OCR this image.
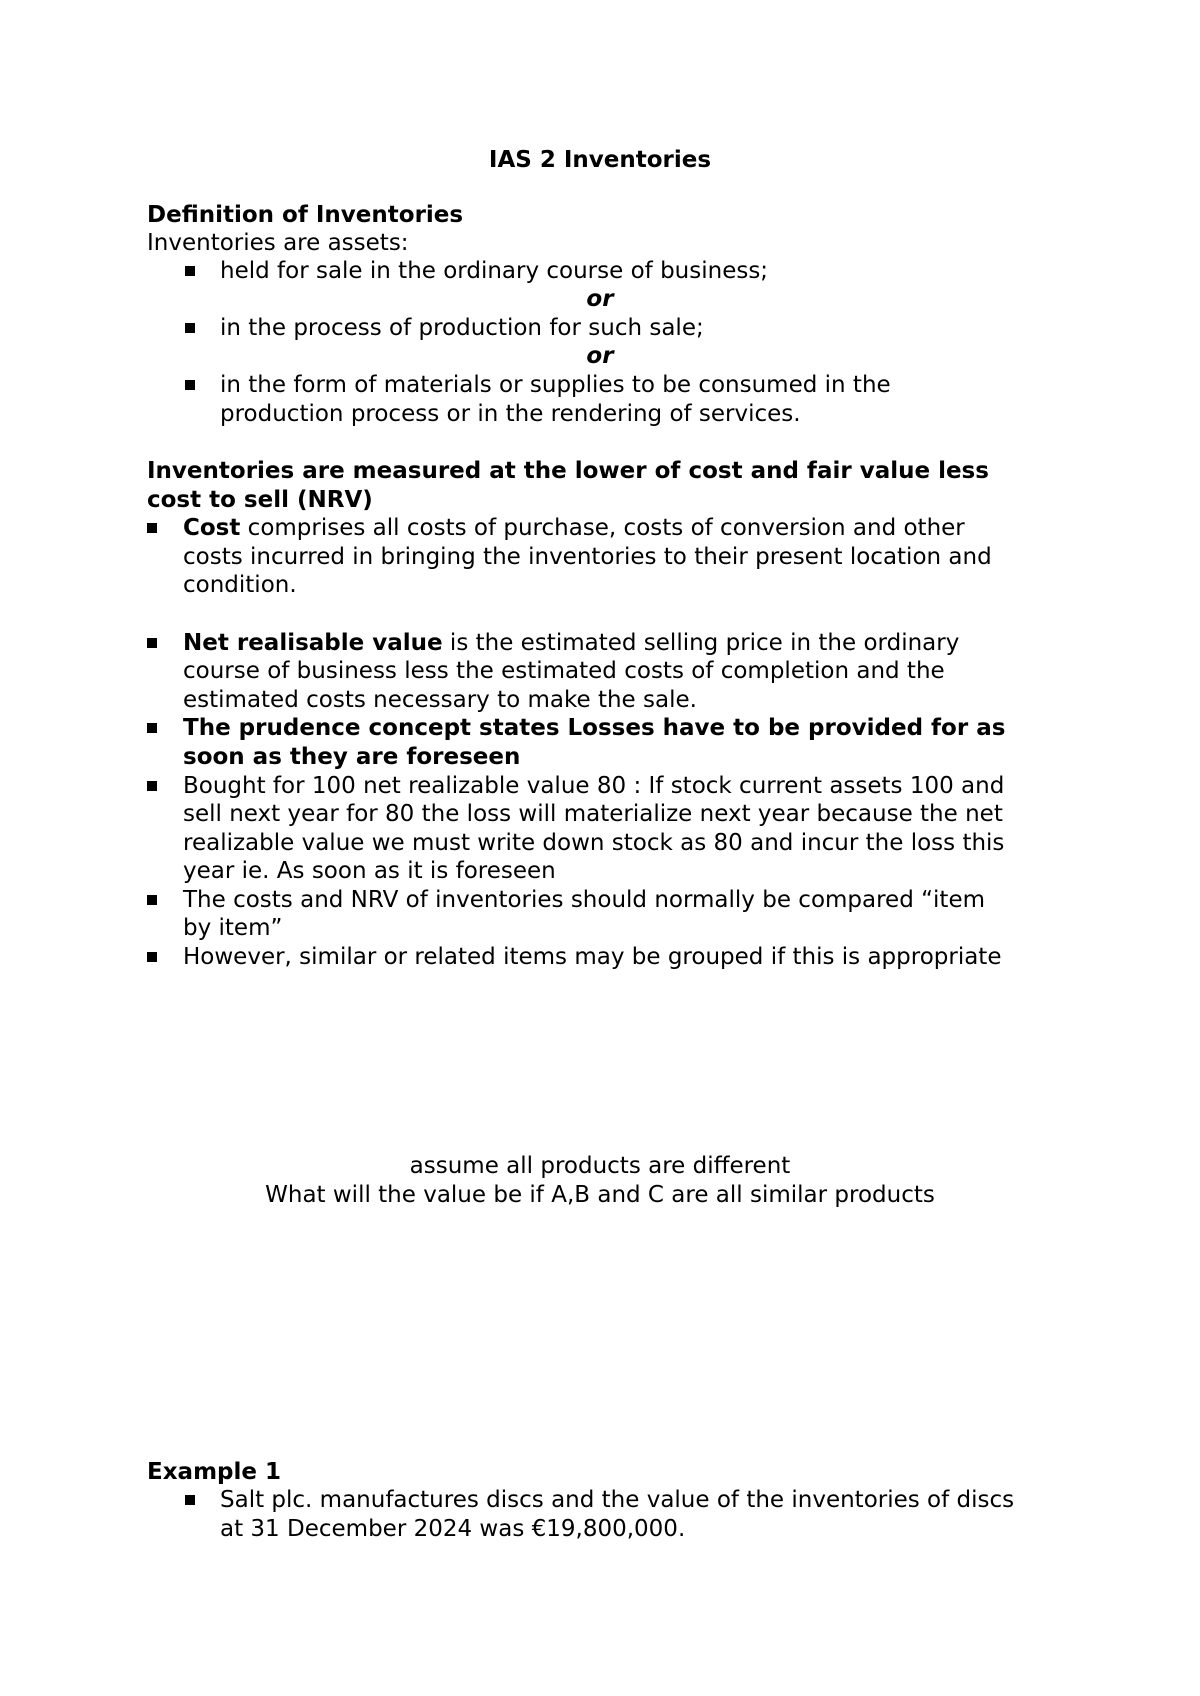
IAS 2 Inventories
Definition of Inventories
Inventories are assets:
held for sale in the ordinary course of business;
or
in the process of production for such sale;
or
in the form of materials or supplies to be consumed in the
production process or in the rendering of services.
Inventories are measured at the lower of cost and fair value less
cost to sell (NRV)
Cost comprises all costs of purchase, costs of conversion and other
costs incurred in bringing the inventories to their present location and
condition.
Net realisable value is the estimated selling price in the ordinary
course of business less the estimated costs of completion and the
estimated costs necessary to make the sale.
The prudence concept states Losses have to be provided for as
soon as they are foreseen
Bought for 100 net realizable value 80 : If stock current assets 100 and
sell next year for 80 the loss will materialize next year because the net
realizable value we must write down stock as 80 and incur the loss this
year ie. As soon as it is foreseen
The costs and NRV of inventories should normally be compared “item
by item”
However, similar or related items may be grouped if this is appropriate
assume all products are different
What will the value be if A,B and C are all similar products
Example 1
Salt plc. manufactures discs and the value of the inventories of discs
at 31 December 2024 was €19,800,000.
